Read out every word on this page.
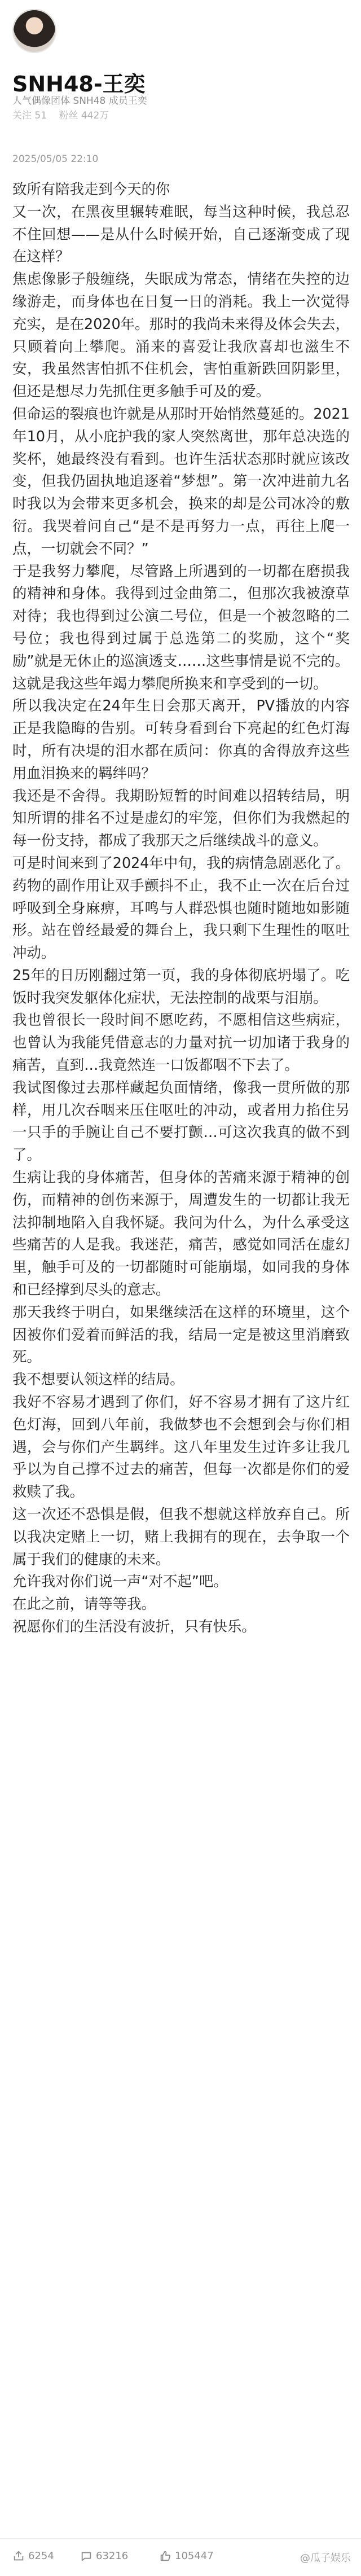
SNH48-王奕
人气偶像团体 SNH48 成员王奕
关注 51 粉丝 442万
2025/05/05 22:10

致所有陪我走到今天的你

又一次，在黑夜里辗转难眠，每当这种时候，我总忍不住回想——是从什么时候开始，自己逐渐变成了现在这样？

焦虑像影子般缠绕，失眠成为常态，情绪在失控的边缘游走，而身体也在日复一日的消耗。我上一次觉得充实，是在2020年。那时的我尚未来得及体会失去，只顾着向上攀爬。涌来的喜爱让我欣喜却也滋生不安，我虽然害怕抓不住机会，害怕重新跌回阴影里，但还是想尽力先抓住更多触手可及的爱。

但命运的裂痕也许就是从那时开始悄然蔓延的。2021年10月，从小庇护我的家人突然离世，那年总决选的奖杯，她最终没有看到。也许生活状态那时就应该改变，但我仍固执地追逐着“梦想”。第一次冲进前九名时我以为会带来更多机会，换来的却是公司冰冷的敷衍。我哭着问自己“是不是再努力一点，再往上爬一点，一切就会不同？”

于是我努力攀爬，尽管路上所遇到的一切都在磨损我的精神和身体。我得到过金曲第二，但那次我被潦草对待；我也得到过公演二号位，但是一个被忽略的二号位；我也得到过属于总选第二的奖励，这个“奖励”就是无休止的巡演透支……这些事情是说不完的。

这就是我这些年竭力攀爬所换来和享受到的一切。

所以我决定在24年生日会那天离开，PV播放的内容正是我隐晦的告别。可转身看到台下亮起的红色灯海时，所有决堤的泪水都在质问：你真的舍得放弃这些用血泪换来的羁绊吗？

我还是不舍得。我期盼短暂的时间难以招转结局，明知所谓的排名不过是虚幻的牢笼，但你们为我燃起的每一份支持，都成了我那天之后继续战斗的意义。

可是时间来到了2024年中旬，我的病情急剧恶化了。药物的副作用让双手颤抖不止，我不止一次在后台过呼吸到全身麻痹，耳鸣与人群恐惧也随时随地如影随形。站在曾经最爱的舞台上，我只剩下生理性的呕吐冲动。

25年的日历刚翻过第一页，我的身体彻底坍塌了。吃饭时我突发躯体化症状，无法控制的战栗与泪崩。

我也曾很长一段时间不愿吃药，不愿相信这些病症，也曾认为我能凭借意志的力量对抗一切加诸于我身的痛苦，直到…我竟然连一口饭都咽不下去了。

我试图像过去那样藏起负面情绪，像我一贯所做的那样，用几次吞咽来压住呕吐的冲动，或者用力掐住另一只手的手腕让自己不要打颤…可这次我真的做不到了。

生病让我的身体痛苦，但身体的苦痛来源于精神的创伤，而精神的创伤来源于，周遭发生的一切都让我无法抑制地陷入自我怀疑。我问为什么，为什么承受这些痛苦的人是我。我迷茫，痛苦，感觉如同活在虚幻里，触手可及的一切都随时可能崩塌，如同我的身体和已经撑到尽头的意志。

那天我终于明白，如果继续活在这样的环境里，这个因被你们爱着而鲜活的我，结局一定是被这里消磨致死。

我不想要认领这样的结局。

我好不容易才遇到了你们，好不容易才拥有了这片红色灯海，回到八年前，我做梦也不会想到会与你们相遇，会与你们产生羁绊。这八年里发生过许多让我几乎以为自己撑不过去的痛苦，但每一次都是你们的爱救赎了我。

这一次还不恐惧是假，但我不想就这样放弃自己。所以我决定赌上一切，赌上我拥有的现在，去争取一个属于我们的健康的未来。

允许我对你们说一声“对不起”吧。

在此之前，请等等我。

祝愿你们的生活没有波折，只有快乐。

6254	63216	105447	@瓜子娱乐
